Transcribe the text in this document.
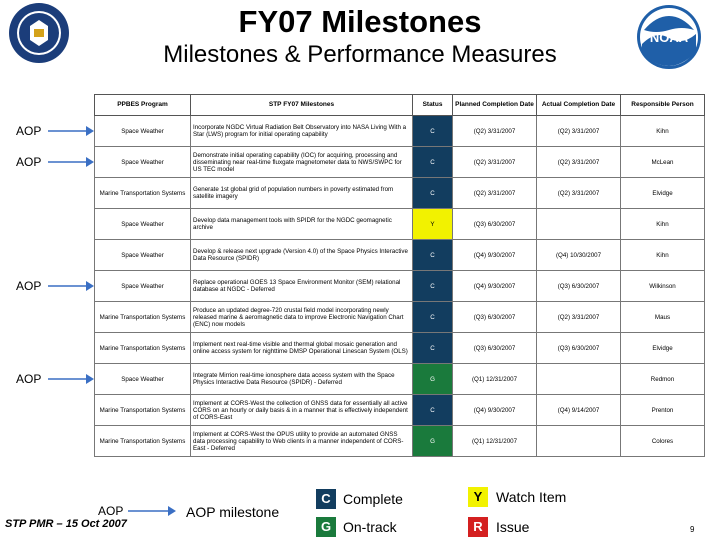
FY07 Milestones
Milestones & Performance Measures
NOAA
PPBES Program	STP FY07 Milestones	Status	Planned Completion Date	Actual Completion Date	Responsible Person
Space Weather	Incorporate NGDC Virtual Radiation Belt Observatory into NASA Living With a Star (LWS) program for initial operating capability	C	(Q2) 3/31/2007	(Q2) 3/31/2007	Kihn
Space Weather	Demonstrate initial operating capability (IOC) for acquiring, processing and disseminating near real-time fluxgate magnetometer data to NWS/SWPC for US TEC model	C	(Q2) 3/31/2007	(Q2) 3/31/2007	McLean
Marine Transportation Systems	Generate 1st global grid of population numbers in poverty estimated from satellite imagery	C	(Q2) 3/31/2007	(Q2) 3/31/2007	Elvidge
Space Weather	Develop data management tools with SPIDR for the NGDC geomagnetic archive	Y	(Q3) 6/30/2007		Kihn
Space Weather	Develop & release next upgrade (Version 4.0) of the Space Physics Interactive Data Resource (SPIDR)	C	(Q4) 9/30/2007	(Q4) 10/30/2007	Kihn
Space Weather	Replace operational GOES 13 Space Environment Monitor (SEM) relational database at NGDC - Deferred	C	(Q4) 9/30/2007	(Q3) 6/30/2007	Wilkinson
Marine Transportation Systems	Produce an updated degree-720 crustal field model incorporating newly released marine & aeromagnetic data to improve Electronic Navigation Chart (ENC) now models	C	(Q3) 6/30/2007	(Q2) 3/31/2007	Maus
Marine Transportation Systems	Implement next real-time visible and thermal global mosaic generation and online access system for nighttime DMSP Operational Linescan System (OLS)	C	(Q3) 6/30/2007	(Q3) 6/30/2007	Elvidge
Space Weather	Integrate Mirrion real-time ionosphere data access system with the Space Physics Interactive Data Resource (SPIDR) - Deferred	G	(Q1) 12/31/2007		Redmon
Marine Transportation Systems	Implement at CORS-West the collection of GNSS data for essentially all active CORS on an hourly or daily basis & in a manner that is effectively independent of CORS-East	C	(Q4) 9/30/2007	(Q4) 9/14/2007	Prenton
Marine Transportation Systems	Implement at CORS-West the OPUS utility to provide an automated GNSS data processing capability to Web clients in a manner independent of CORS-East - Deferred	G	(Q1) 12/31/2007		Colores
AOP
AOP
AOP
AOP
AOP	AOP milestone
C Complete
G On-track
Y Watch Item
R Issue
STP PMR – 15 Oct 2007	9
